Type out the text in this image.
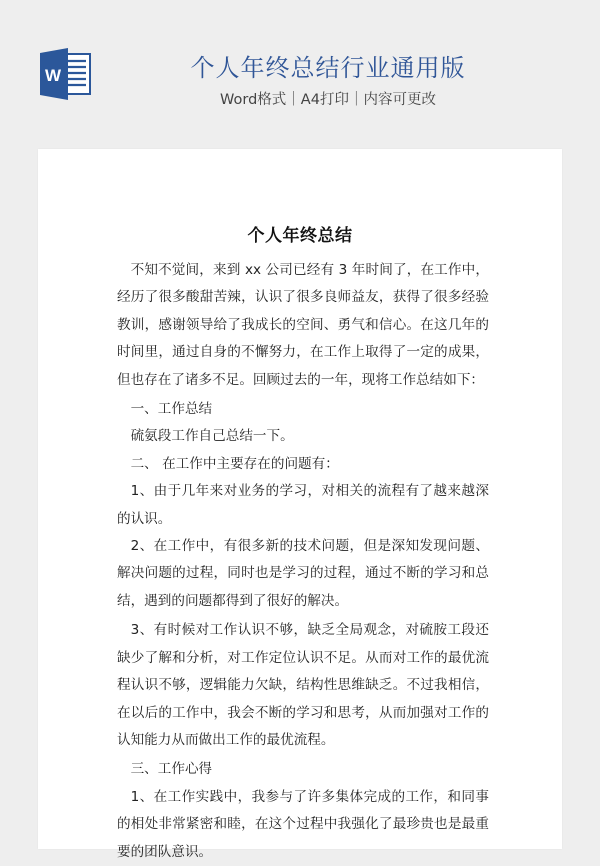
W	个人年终总结行业通用版
Word格式｜A4打印｜内容可更改
个人年终总结

不知不觉间，来到 xx 公司已经有 3 年时间了，在工作中，经历了很多酸甜苦辣，认识了很多良师益友，获得了很多经验教训，感谢领导给了我成长的空间、勇气和信心。在这几年的时间里，通过自身的不懈努力，在工作上取得了一定的成果，但也存在了诸多不足。回顾过去的一年，现将工作总结如下：

一、工作总结

硫氨段工作自己总结一下。

二、 在工作中主要存在的问题有：

1、由于几年来对业务的学习，对相关的流程有了越来越深的认识。

2、在工作中，有很多新的技术问题，但是深知发现问题、解决问题的过程，同时也是学习的过程，通过不断的学习和总结，遇到的问题都得到了很好的解决。

3、有时候对工作认识不够，缺乏全局观念，对硫胺工段还缺少了解和分析，对工作定位认识不足。从而对工作的最优流程认识不够，逻辑能力欠缺，结构性思维缺乏。不过我相信，在以后的工作中，我会不断的学习和思考，从而加强对工作的认知能力从而做出工作的最优流程。

三、工作心得

1、在工作实践中，我参与了许多集体完成的工作，和同事的相处非常紧密和睦，在这个过程中我强化了最珍贵也是最重要的团队意识。
